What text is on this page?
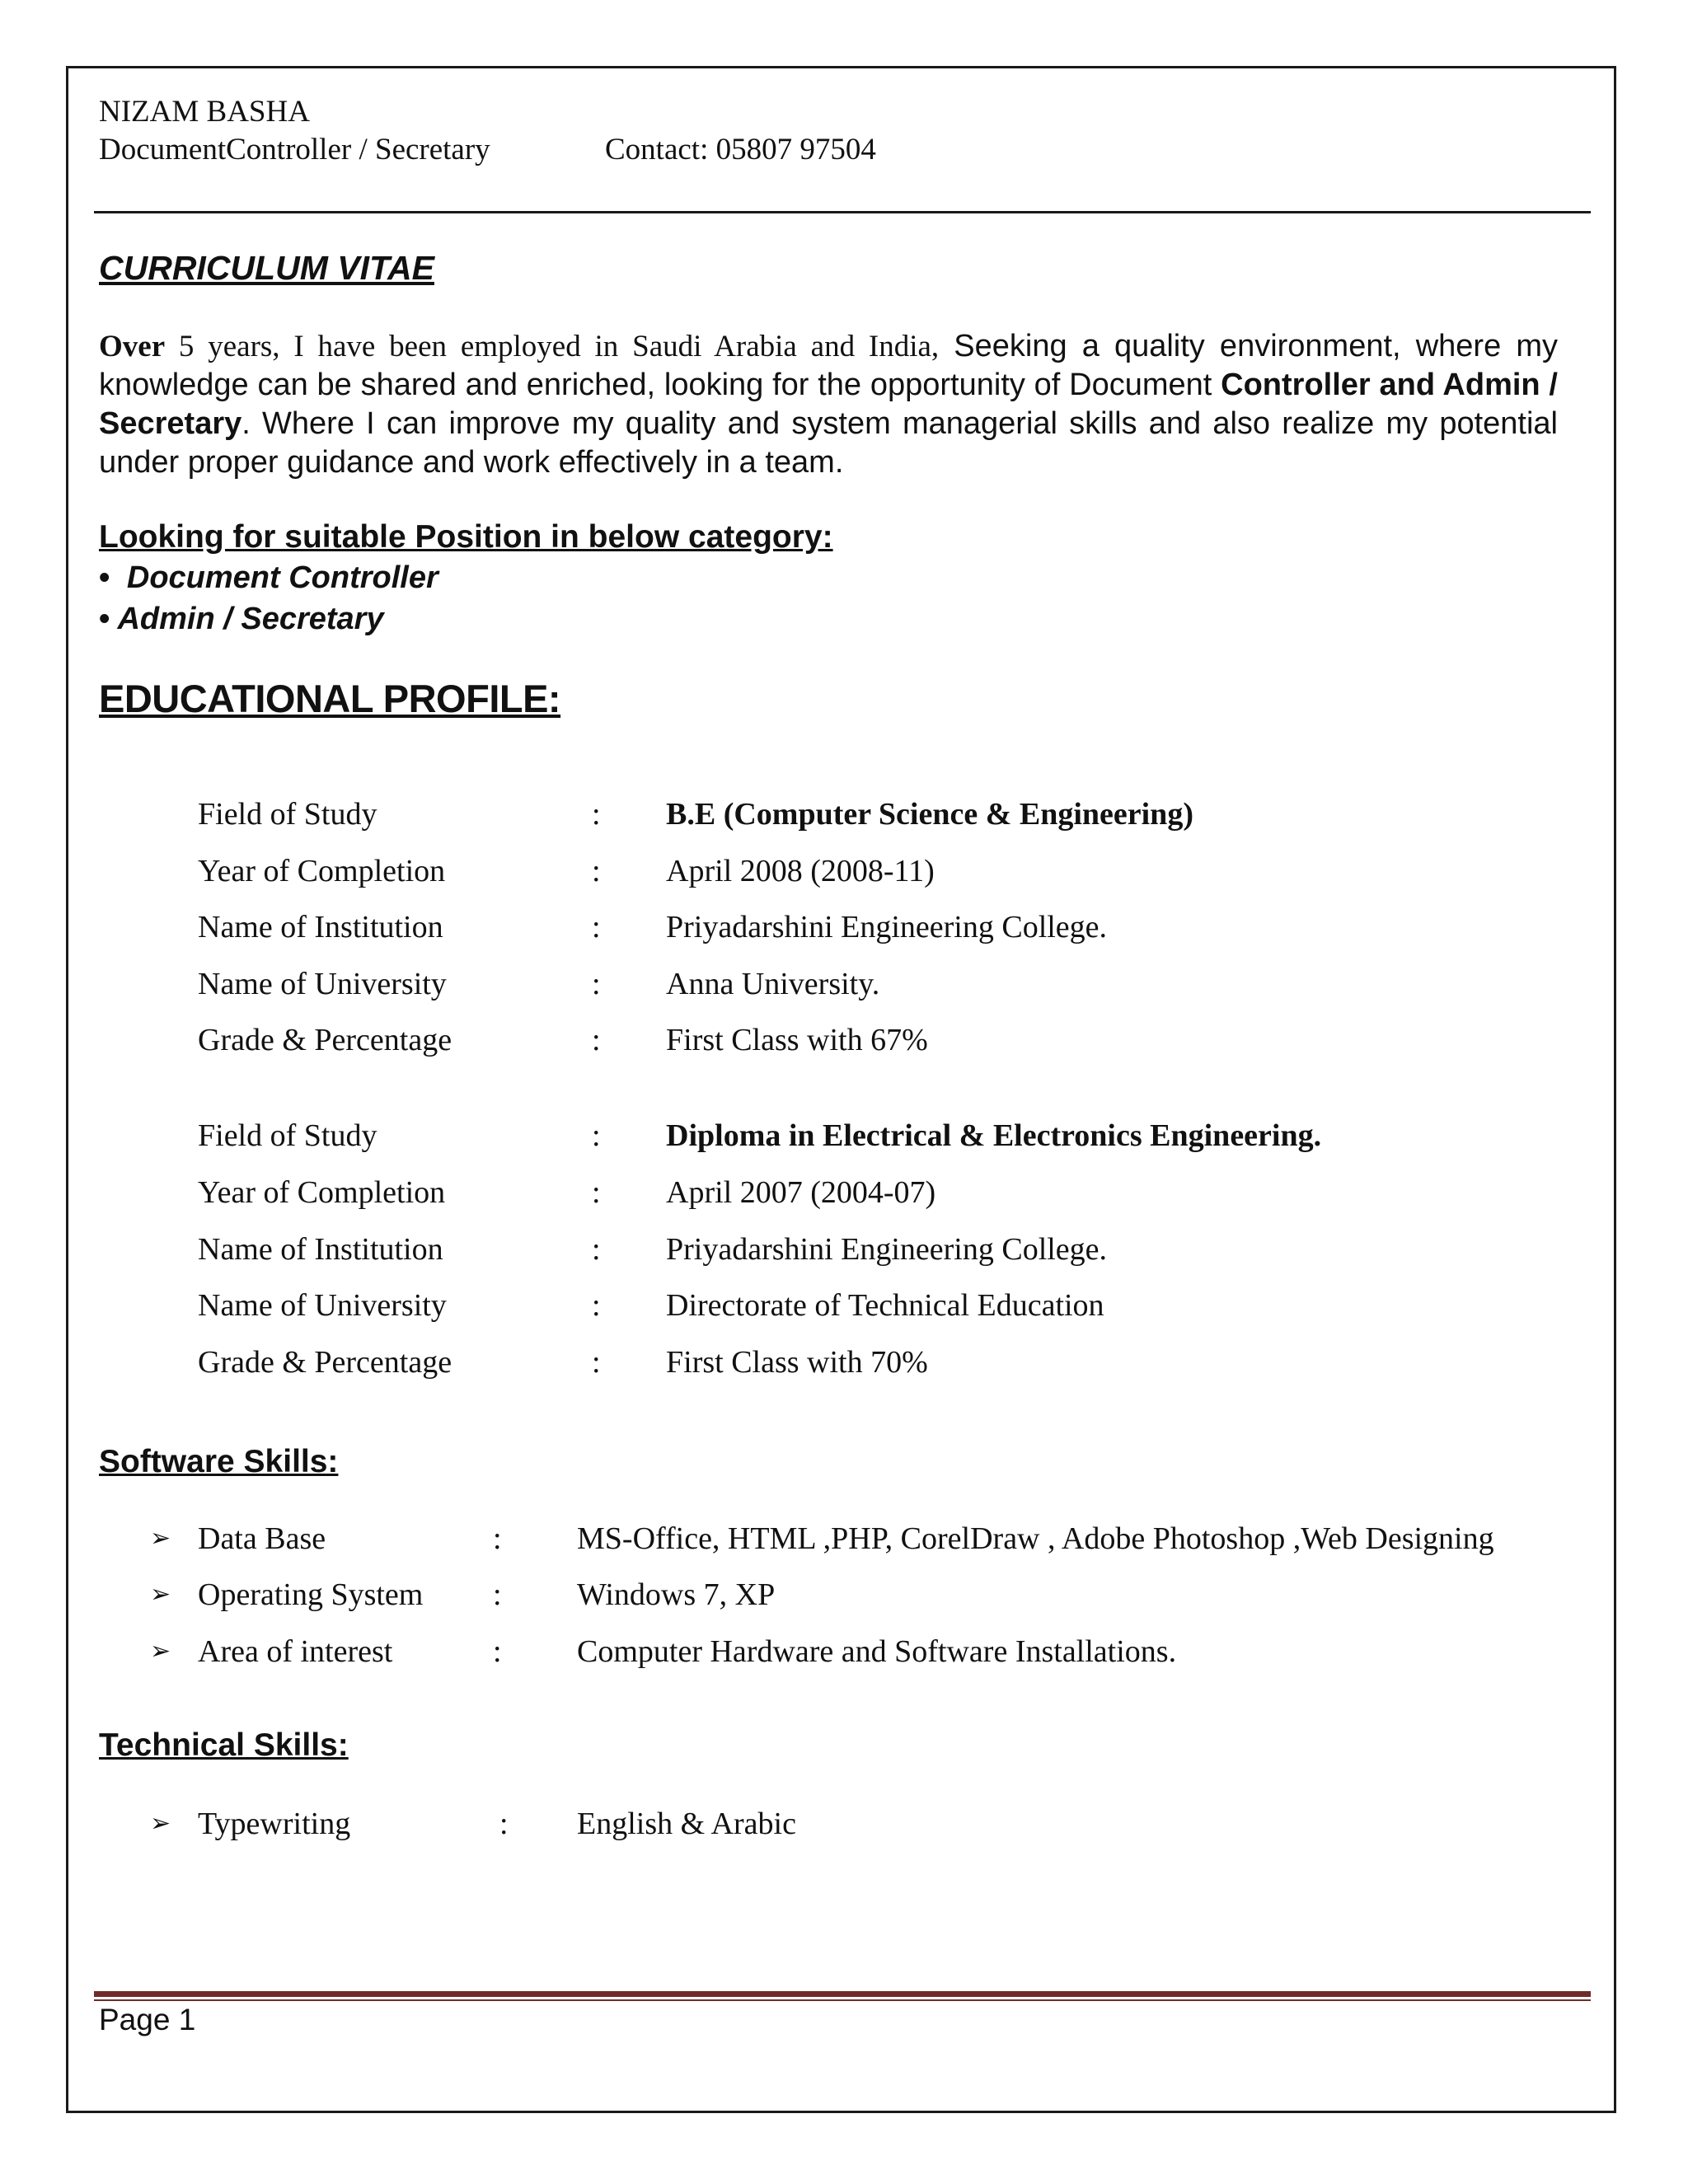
NIZAM BASHA
DocumentController / Secretary	Contact: 05807 97504
CURRICULUM VITAE
Over 5 years, I have been employed in Saudi Arabia and India, Seeking a quality environment, where my knowledge can be shared and enriched, looking for the opportunity of Document Controller and Admin / Secretary. Where I can improve my quality and system managerial skills and also realize my potential under proper guidance and work effectively in a team.
Looking for suitable Position in below category:
• Document Controller
• Admin / Secretary
EDUCATIONAL PROFILE:
Field of Study	: B.E (Computer Science & Engineering)
Year of Completion	: April 2008 (2008-11)
Name of Institution	: Priyadarshini Engineering College.
Name of University	: Anna University.
Grade & Percentage	: First Class with 67%
Field of Study	: Diploma in Electrical & Electronics Engineering.
Year of Completion	: April 2007 (2004-07)
Name of Institution	: Priyadarshini Engineering College.
Name of University	: Directorate of Technical Education
Grade & Percentage	: First Class with 70%
Software Skills:
➢ Data Base	: MS-Office, HTML ,PHP, CorelDraw , Adobe Photoshop ,Web Designing
➢ Operating System : Windows 7, XP
➢ Area of interest	: Computer Hardware and Software Installations.
Technical Skills:
➢ Typewriting	: English & Arabic
Page 1
